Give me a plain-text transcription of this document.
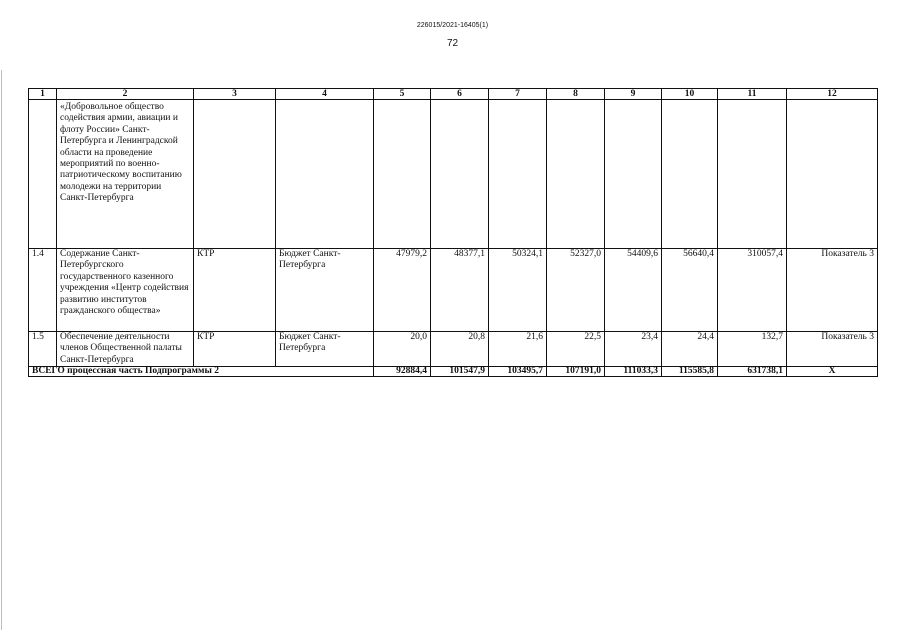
226015/2021-16405(1)
72
1	2	3	4	5	6	7	8	9	10	11	12
	«Добровольное общество содействия армии, авиации и флоту России» Санкт-Петербурга и Ленинградской области на проведение мероприятий по военно-патриотическому воспитанию молодежи на территории Санкт-Петербурга										
1.4	Содержание Санкт-Петербургского государственного казенного учреждения «Центр содействия развитию институтов гражданского общества»	КТР	Бюджет Санкт-Петербурга	47979,2	48377,1	50324,1	52327,0	54409,6	56640,4	310057,4	Показатель 3
1.5	Обеспечение деятельности членов Общественной палаты Санкт-Петербурга	КТР	Бюджет Санкт-Петербурга	20,0	20,8	21,6	22,5	23,4	24,4	132,7	Показатель 3
ВСЕГО процессная часть Подпрограммы 2				92884,4	101547,9	103495,7	107191,0	111033,3	115585,8	631738,1	Х
